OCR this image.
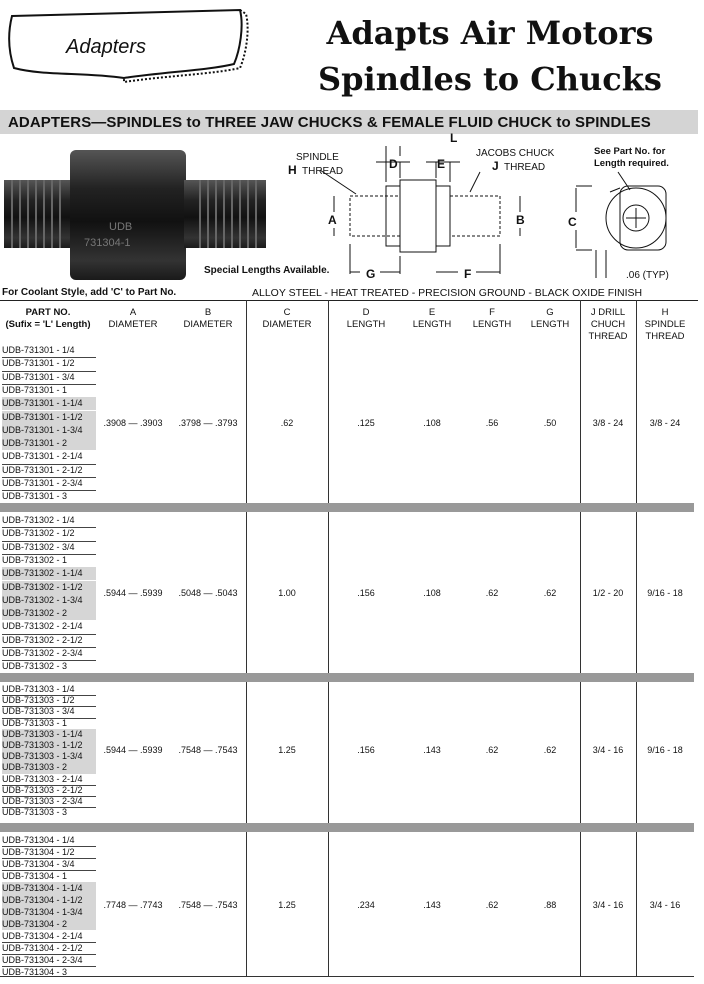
Adapters	Adapts Air Motors
Spindles to Chucks
ADAPTERS—SPINDLES to THREE JAW CHUCKS & FEMALE FLUID CHUCK to SPINDLES
UDB
731304-1
SPINDLE
H THREAD
JACOBS CHUCK
J THREAD
L
D	E
A	B
G	F
C
See Part No. for
Length required.
.06 (TYP)
Special Lengths Available.
For Coolant Style, add 'C' to Part No.	ALLOY STEEL - HEAT TREATED - PRECISION GROUND - BLACK OXIDE FINISH
PART NO.
(Sufix = 'L' Length)
A
DIAMETER
B
DIAMETER
C
DIAMETER
D
LENGTH
E
LENGTH
F
LENGTH
G
LENGTH
J DRILL
CHUCH
THREAD
H
SPINDLE
THREAD
UDB-731301 - 1/4
UDB-731301 - 1/2
UDB-731301 - 3/4
UDB-731301 - 1
UDB-731301 - 1-1/4
UDB-731301 - 1-1/2
UDB-731301 - 1-3/4
UDB-731301 - 2
UDB-731301 - 2-1/4
UDB-731301 - 2-1/2
UDB-731301 - 2-3/4
UDB-731301 - 3
.3908 — .3903	.3798 — .3793	.62	.125	.108	.56	.50	3/8 - 24	3/8 - 24
UDB-731302 - 1/4
UDB-731302 - 1/2
UDB-731302 - 3/4
UDB-731302 - 1
UDB-731302 - 1-1/4
UDB-731302 - 1-1/2
UDB-731302 - 1-3/4
UDB-731302 - 2
UDB-731302 - 2-1/4
UDB-731302 - 2-1/2
UDB-731302 - 2-3/4
UDB-731302 - 3
.5944 — .5939	.5048 — .5043	1.00	.156	.108	.62	.62	1/2 - 20	9/16 - 18
UDB-731303 - 1/4
UDB-731303 - 1/2
UDB-731303 - 3/4
UDB-731303 - 1
UDB-731303 - 1-1/4
UDB-731303 - 1-1/2
UDB-731303 - 1-3/4
UDB-731303 - 2
UDB-731303 - 2-1/4
UDB-731303 - 2-1/2
UDB-731303 - 2-3/4
UDB-731303 - 3
.5944 — .5939	.7548 — .7543	1.25	.156	.143	.62	.62	3/4 - 16	9/16 - 18
UDB-731304 - 1/4
UDB-731304 - 1/2
UDB-731304 - 3/4
UDB-731304 - 1
UDB-731304 - 1-1/4
UDB-731304 - 1-1/2
UDB-731304 - 1-3/4
UDB-731304 - 2
UDB-731304 - 2-1/4
UDB-731304 - 2-1/2
UDB-731304 - 2-3/4
UDB-731304 - 3
.7748 — .7743	.7548 — .7543	1.25	.234	.143	.62	.88	3/4 - 16	3/4 - 16
